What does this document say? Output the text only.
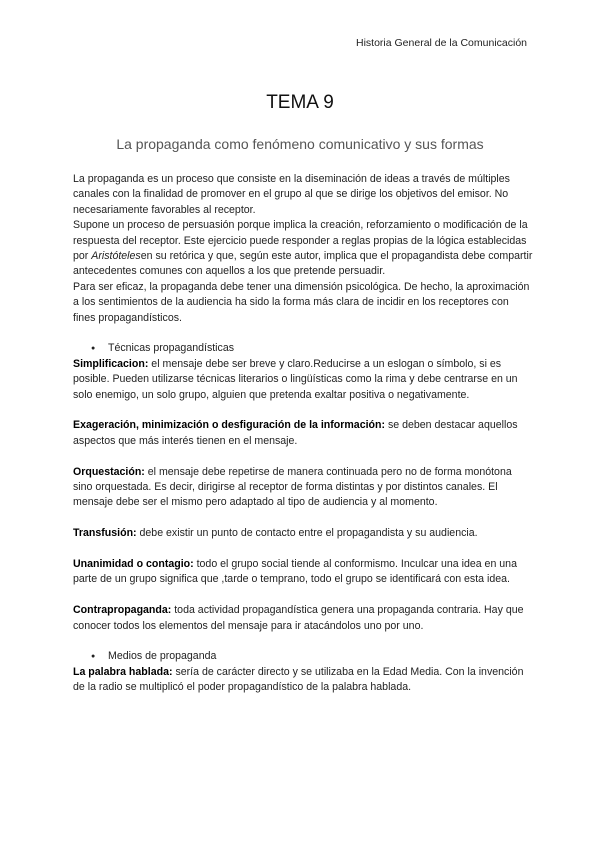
Historia General de la Comunicación
TEMA 9
La propaganda como fenómeno comunicativo y sus formas

La propaganda es un proceso que consiste en la diseminación de ideas a través de múltiples canales con la finalidad de promover en el grupo al que se dirige los objetivos del emisor. No necesariamente favorables al receptor.

Supone un proceso de persuasión porque implica la creación, reforzamiento o modificación de la respuesta del receptor. Este ejercicio puede responder a reglas propias de la lógica establecidas por Aristótelesen su retórica y que, según este autor, implica que el propagandista debe compartir antecedentes comunes con aquellos a los que pretende persuadir.

Para ser eficaz, la propaganda debe tener una dimensión psicológica. De hecho, la aproximación a los sentimientos de la audiencia ha sido la forma más clara de incidir en los receptores con fines propagandísticos.

● Técnicas propagandísticas

Simplificacion: el mensaje debe ser breve y claro.Reducirse a un eslogan o símbolo, si es posible. Pueden utilizarse técnicas literarios o lingüísticas como la rima y debe centrarse en un solo enemigo, un solo grupo, alguien que pretenda exaltar positiva o negativamente.

Exageración, minimización o desfiguración de la información: se deben destacar aquellos aspectos que más interés tienen en el mensaje.

Orquestación: el mensaje debe repetirse de manera continuada pero no de forma monótona sino orquestada. Es decir, dirigirse al receptor de forma distintas y por distintos canales. El mensaje debe ser el mismo pero adaptado al tipo de audiencia y al momento.

Transfusión: debe existir un punto de contacto entre el propagandista y su audiencia.

Unanimidad o contagio: todo el grupo social tiende al conformismo. Inculcar una idea en una parte de un grupo significa que ,tarde o temprano, todo el grupo se identificará con esta idea.

Contrapropaganda: toda actividad propagandística genera una propaganda contraria. Hay que conocer todos los elementos del mensaje para ir atacándolos uno por uno.

● Medios de propaganda

La palabra hablada: sería de carácter directo y se utilizaba en la Edad Media. Con la invención de la radio se multiplicó el poder propagandístico de la palabra hablada.
